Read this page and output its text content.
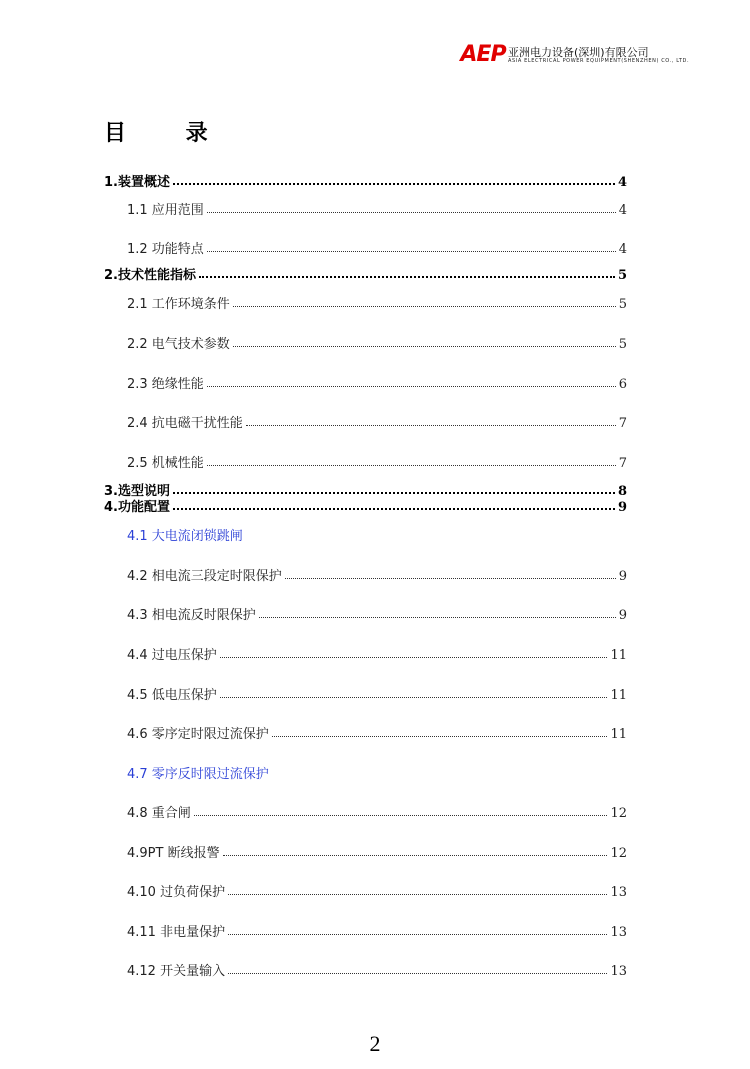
AEP 亚洲电力设备(深圳)有限公司
ASIA ELECTRICAL POWER EQUIPMENT(SHENZHEN) CO., LTD.
目 录
1.装置概述	4
1.1 应用范围	4
1.2 功能特点	4
2.技术性能指标	5
2.1 工作环境条件	5
2.2 电气技术参数	5
2.3 绝缘性能	6
2.4 抗电磁干扰性能	7
2.5 机械性能	7
3.选型说明	8
4.功能配置	9
4.1 大电流闭锁跳闸
4.2 相电流三段定时限保护	9
4.3 相电流反时限保护	9
4.4 过电压保护	11
4.5 低电压保护	11
4.6 零序定时限过流保护	11
4.7 零序反时限过流保护
4.8 重合闸	12
4.9PT 断线报警	12
4.10 过负荷保护	13
4.11 非电量保护	13
4.12 开关量输入	13
2
